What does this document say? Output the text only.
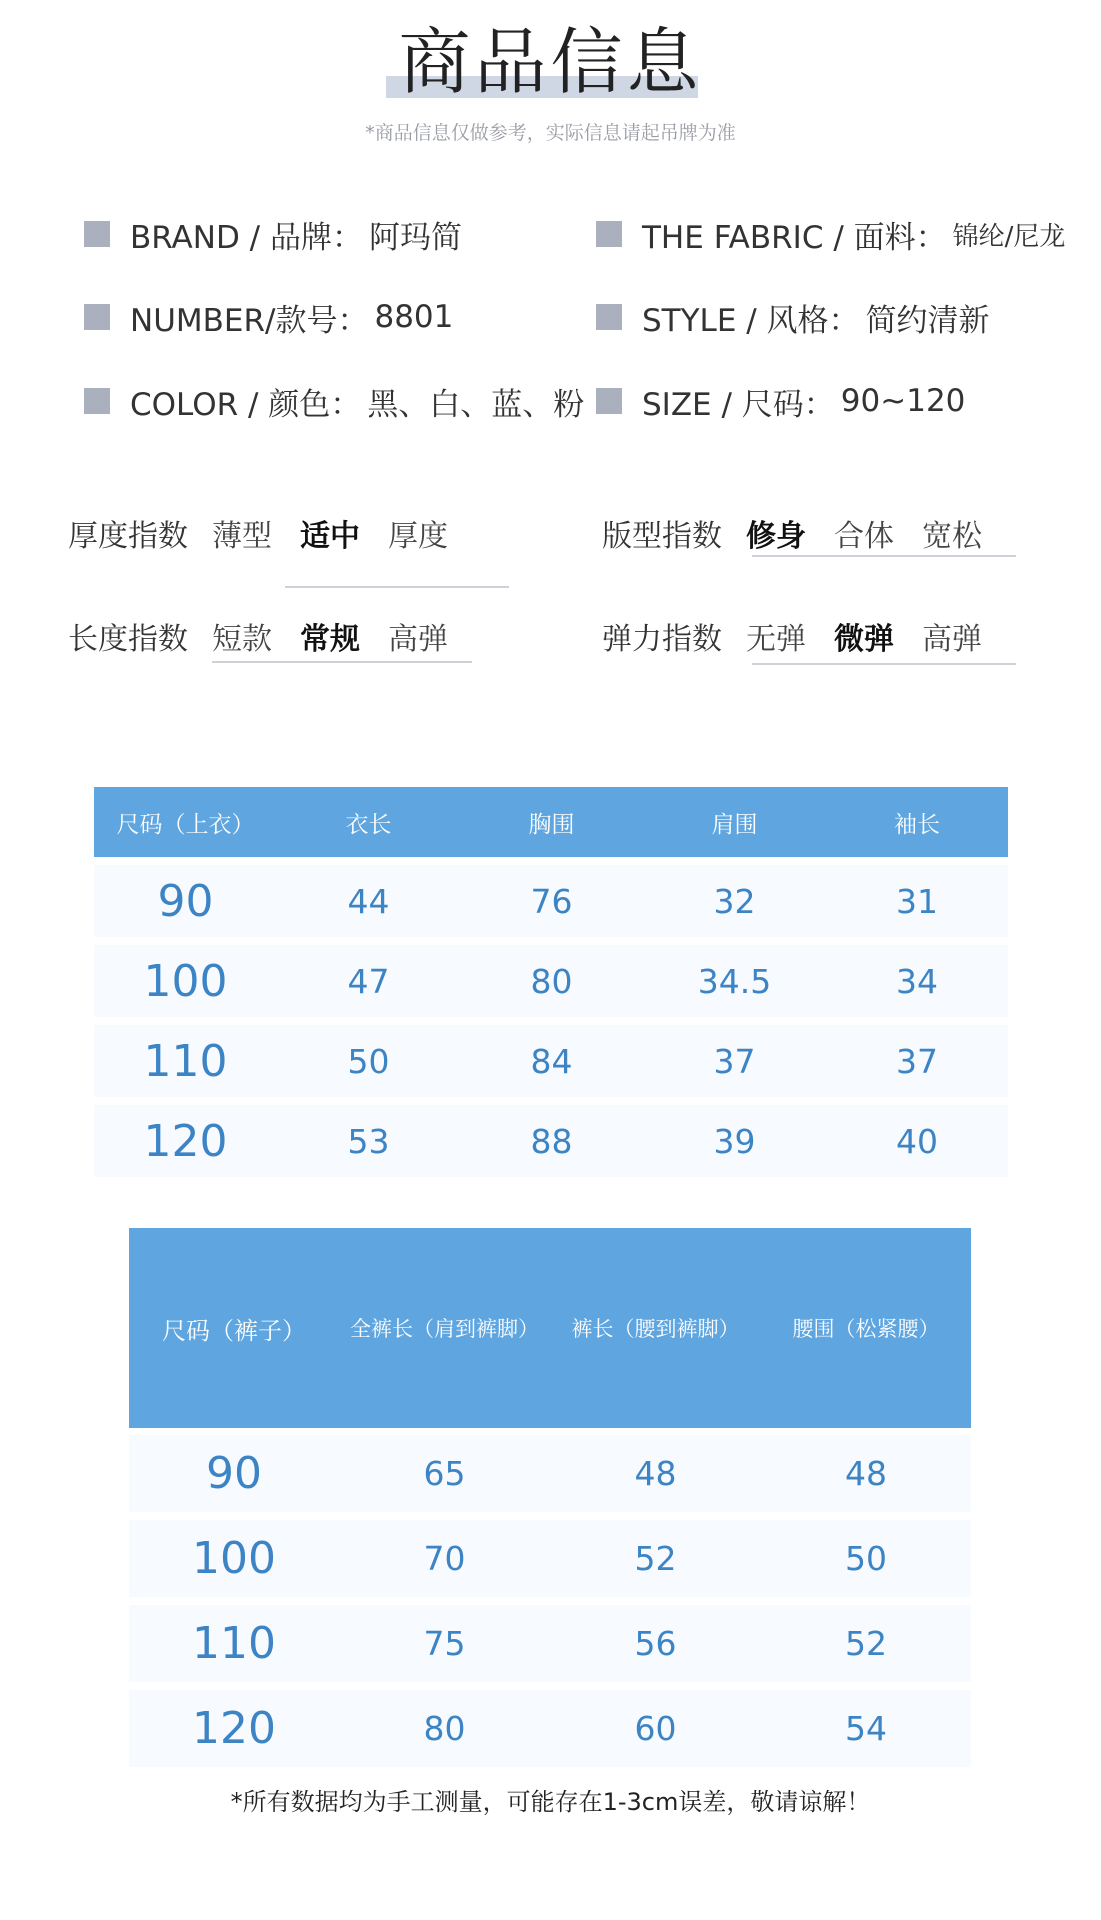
商品信息
*商品信息仅做参考，实际信息请起吊牌为准
BRAND / 品牌： 阿玛简
NUMBER/款号： 8801
COLOR / 颜色： 黑、白、蓝、粉
THE FABRIC / 面料： 锦纶/尼龙
STYLE / 风格： 简约清新
SIZE / 尺码： 90~120
厚度指数 薄型 适中 厚度
长度指数 短款 常规 高弹
版型指数 修身 合体 宽松
弹力指数 无弹 微弹 高弹
尺码（上衣）	衣长	胸围	肩围	袖长
90	44	76	32	31
100	47	80	34.5	34
110	50	84	37	37
120	53	88	39	40
尺码（裤子）	全裤长（肩到裤脚）	裤长（腰到裤脚）	腰围（松紧腰）
90	65	48	48
100	70	52	50
110	75	56	52
120	80	60	54
*所有数据均为手工测量，可能存在1-3cm误差，敬请谅解！
